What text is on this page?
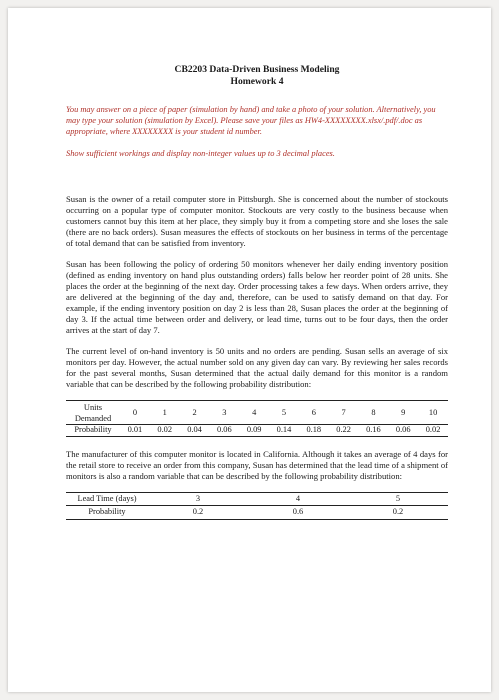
CB2203 Data-Driven Business Modeling
Homework 4

You may answer on a piece of paper (simulation by hand) and take a photo of your solution. Alternatively, you may type your solution (simulation by Excel). Please save your files as HW4-XXXXXXXX.xlsx/.pdf/.doc as appropriate, where XXXXXXXX is your student id number.

Show sufficient workings and display non-integer values up to 3 decimal places.

Susan is the owner of a retail computer store in Pittsburgh. She is concerned about the number of stockouts occurring on a popular type of computer monitor. Stockouts are very costly to the business because when customers cannot buy this item at her place, they simply buy it from a competing store and she loses the sale (there are no back orders). Susan measures the effects of stockouts on her business in terms of the percentage of total demand that can be satisfied from inventory.

Susan has been following the policy of ordering 50 monitors whenever her daily ending inventory position (defined as ending inventory on hand plus outstanding orders) falls below her reorder point of 28 units. She places the order at the beginning of the next day. Order processing takes a few days. When orders arrive, they are delivered at the beginning of the day and, therefore, can be used to satisfy demand on that day. For example, if the ending inventory position on day 2 is less than 28, Susan places the order at the beginning of day 3. If the actual time between order and delivery, or lead time, turns out to be four days, then the order arrives at the start of day 7.

The current level of on-hand inventory is 50 units and no orders are pending. Susan sells an average of six monitors per day. However, the actual number sold on any given day can vary. By reviewing her sales records for the past several months, Susan determined that the actual daily demand for this monitor is a random variable that can be described by the following probability distribution:

Units
Demanded	0	1	2	3	4	5	6	7	8	9	10
Probability	0.01	0.02	0.04	0.06	0.09	0.14	0.18	0.22	0.16	0.06	0.02

The manufacturer of this computer monitor is located in California. Although it takes an average of 4 days for the retail store to receive an order from this company, Susan has determined that the lead time of a shipment of monitors is also a random variable that can be described by the following probability distribution:

Lead Time (days)	3	4	5
Probability	0.2	0.6	0.2
